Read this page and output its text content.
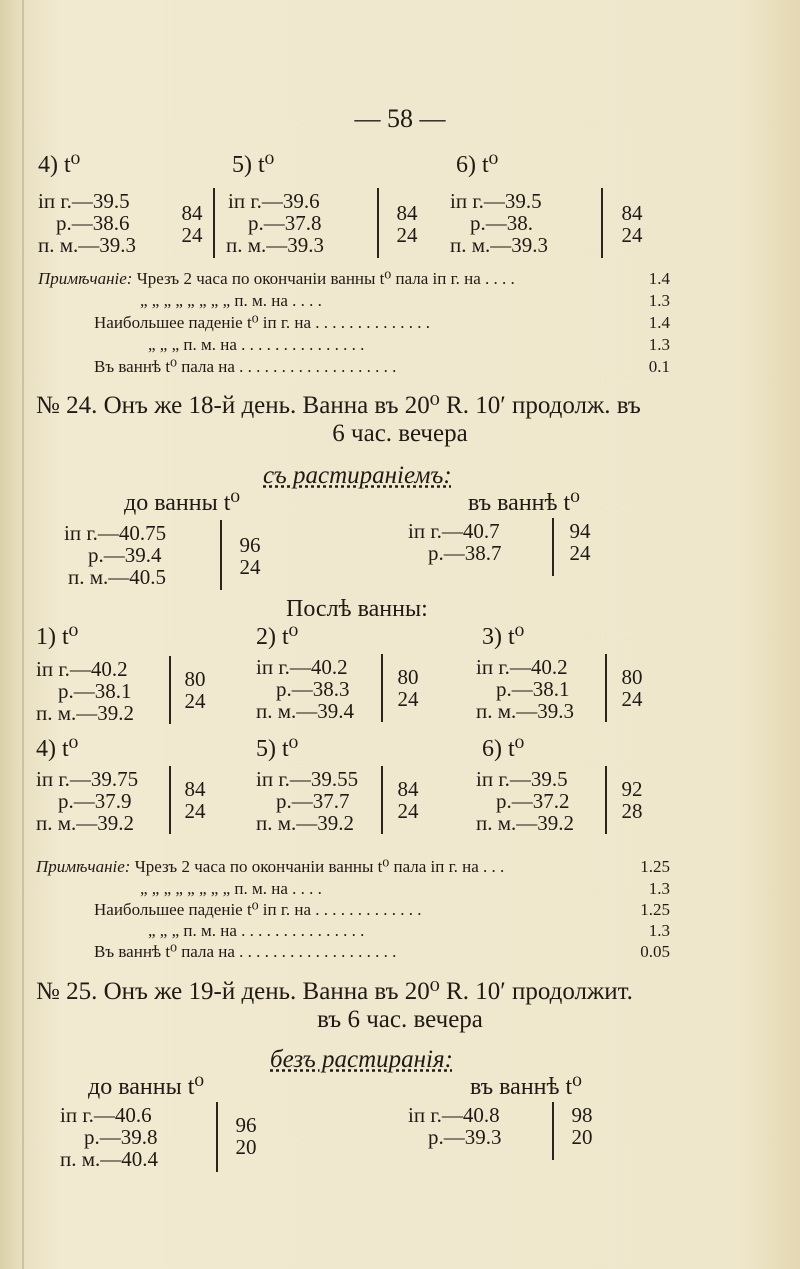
— 58 —
4) t⁰
іп г.—39.5
р.—38.6
п. м.—39.3
84
24
5) t⁰
іп г.—39.6
р.—37.8
п. м.—39.3
84
24
6) t⁰
іп г.—39.5
р.—38.
п. м.—39.3
84
24
Примѣчаніе: Чрезъ 2 часа по окончаніи ванны t⁰ пала іп г. на . . . .	1.4
„ „ „ „ „ „ „ „ п. м. на . . . .	1.3
Наибольшее паденіе t⁰ іп г. на . . . . . . . . . . . . . .	1.4
„ „ „ п. м. на . . . . . . . . . . . . . . .	1.3
Въ ваннѣ t⁰ пала на . . . . . . . . . . . . . . . . . . .	0.1
№ 24. Онъ же 18-й день. Ванна въ 20⁰ R. 10′ продолж. въ
6 час. вечера
съ растираніемъ:
до ванны t⁰
іп г.—40.75
р.—39.4
п. м.—40.5
96
24
въ ваннѣ t⁰
іп г.—40.7
р.—38.7
94
24
Послѣ ванны:
1) t⁰
іп г.—40.2
р.—38.1
п. м.—39.2
80
24
2) t⁰
іп г.—40.2
р.—38.3
п. м.—39.4
80
24
3) t⁰
іп г.—40.2
р.—38.1
п. м.—39.3
80
24
4) t⁰
іп г.—39.75
р.—37.9
п. м.—39.2
84
24
5) t⁰
іп г.—39.55
р.—37.7
п. м.—39.2
84
24
6) t⁰
іп г.—39.5
р.—37.2
п. м.—39.2
92
28
Примѣчаніе: Чрезъ 2 часа по окончаніи ванны t⁰ пала іп г. на . . .	1.25
„ „ „ „ „ „ „ „ п. м. на . . . .	1.3
Наибольшее паденіе t⁰ іп г. на . . . . . . . . . . . . .	1.25
„ „ „ п. м. на . . . . . . . . . . . . . . .	1.3
Въ ваннѣ t⁰ пала на . . . . . . . . . . . . . . . . . . .	0.05
№ 25. Онъ же 19-й день. Ванна въ 20⁰ R. 10′ продолжит.
въ 6 час. вечера
безъ растиранія:
до ванны t⁰
іп г.—40.6
р.—39.8
п. м.—40.4
96
20
въ ваннѣ t⁰
іп г.—40.8
р.—39.3
98
20
